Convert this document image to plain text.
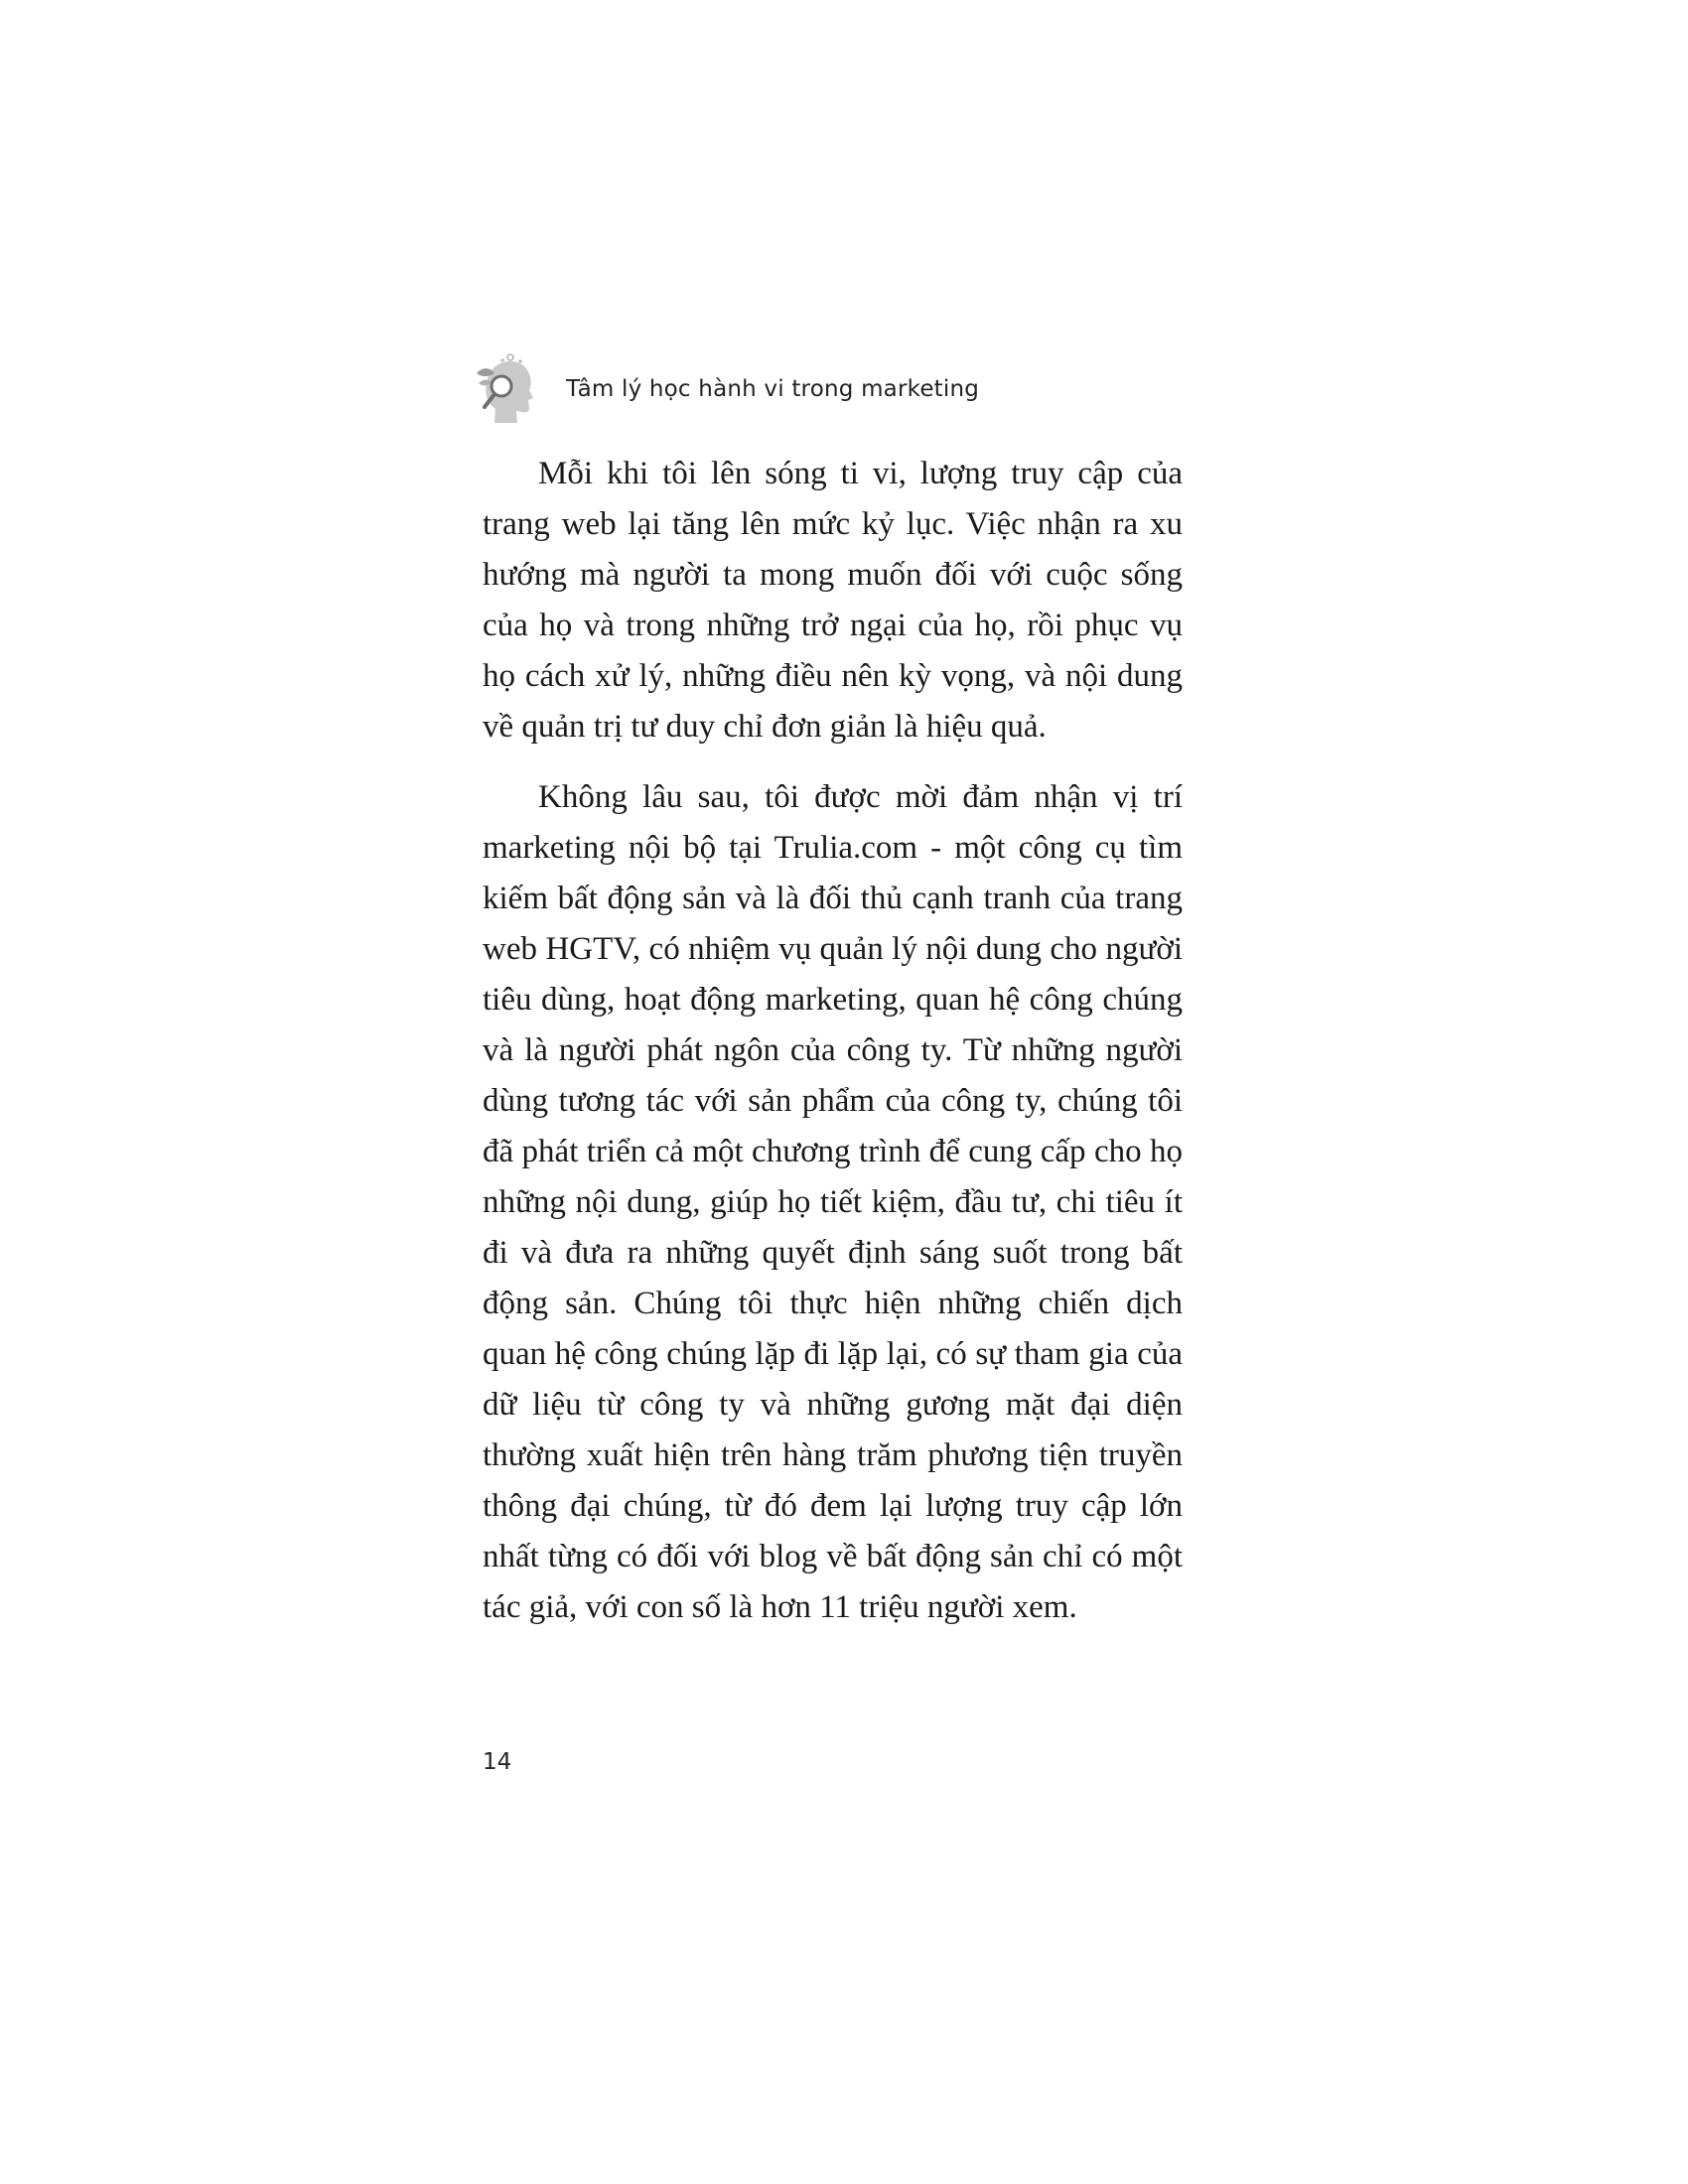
Tâm lý học hành vi trong marketing

Mỗi khi tôi lên sóng ti vi, lượng truy cập của trang web lại tăng lên mức kỷ lục. Việc nhận ra xu hướng mà người ta mong muốn đối với cuộc sống của họ và trong những trở ngại của họ, rồi phục vụ họ cách xử lý, những điều nên kỳ vọng, và nội dung về quản trị tư duy chỉ đơn giản là hiệu quả.

Không lâu sau, tôi được mời đảm nhận vị trí marketing nội bộ tại Trulia.com - một công cụ tìm kiếm bất động sản và là đối thủ cạnh tranh của trang web HGTV, có nhiệm vụ quản lý nội dung cho người tiêu dùng, hoạt động marketing, quan hệ công chúng và là người phát ngôn của công ty. Từ những người dùng tương tác với sản phẩm của công ty, chúng tôi đã phát triển cả một chương trình để cung cấp cho họ những nội dung, giúp họ tiết kiệm, đầu tư, chi tiêu ít đi và đưa ra những quyết định sáng suốt trong bất động sản. Chúng tôi thực hiện những chiến dịch quan hệ công chúng lặp đi lặp lại, có sự tham gia của dữ liệu từ công ty và những gương mặt đại diện thường xuất hiện trên hàng trăm phương tiện truyền thông đại chúng, từ đó đem lại lượng truy cập lớn nhất từng có đối với blog về bất động sản chỉ có một tác giả, với con số là hơn 11 triệu người xem.

14
